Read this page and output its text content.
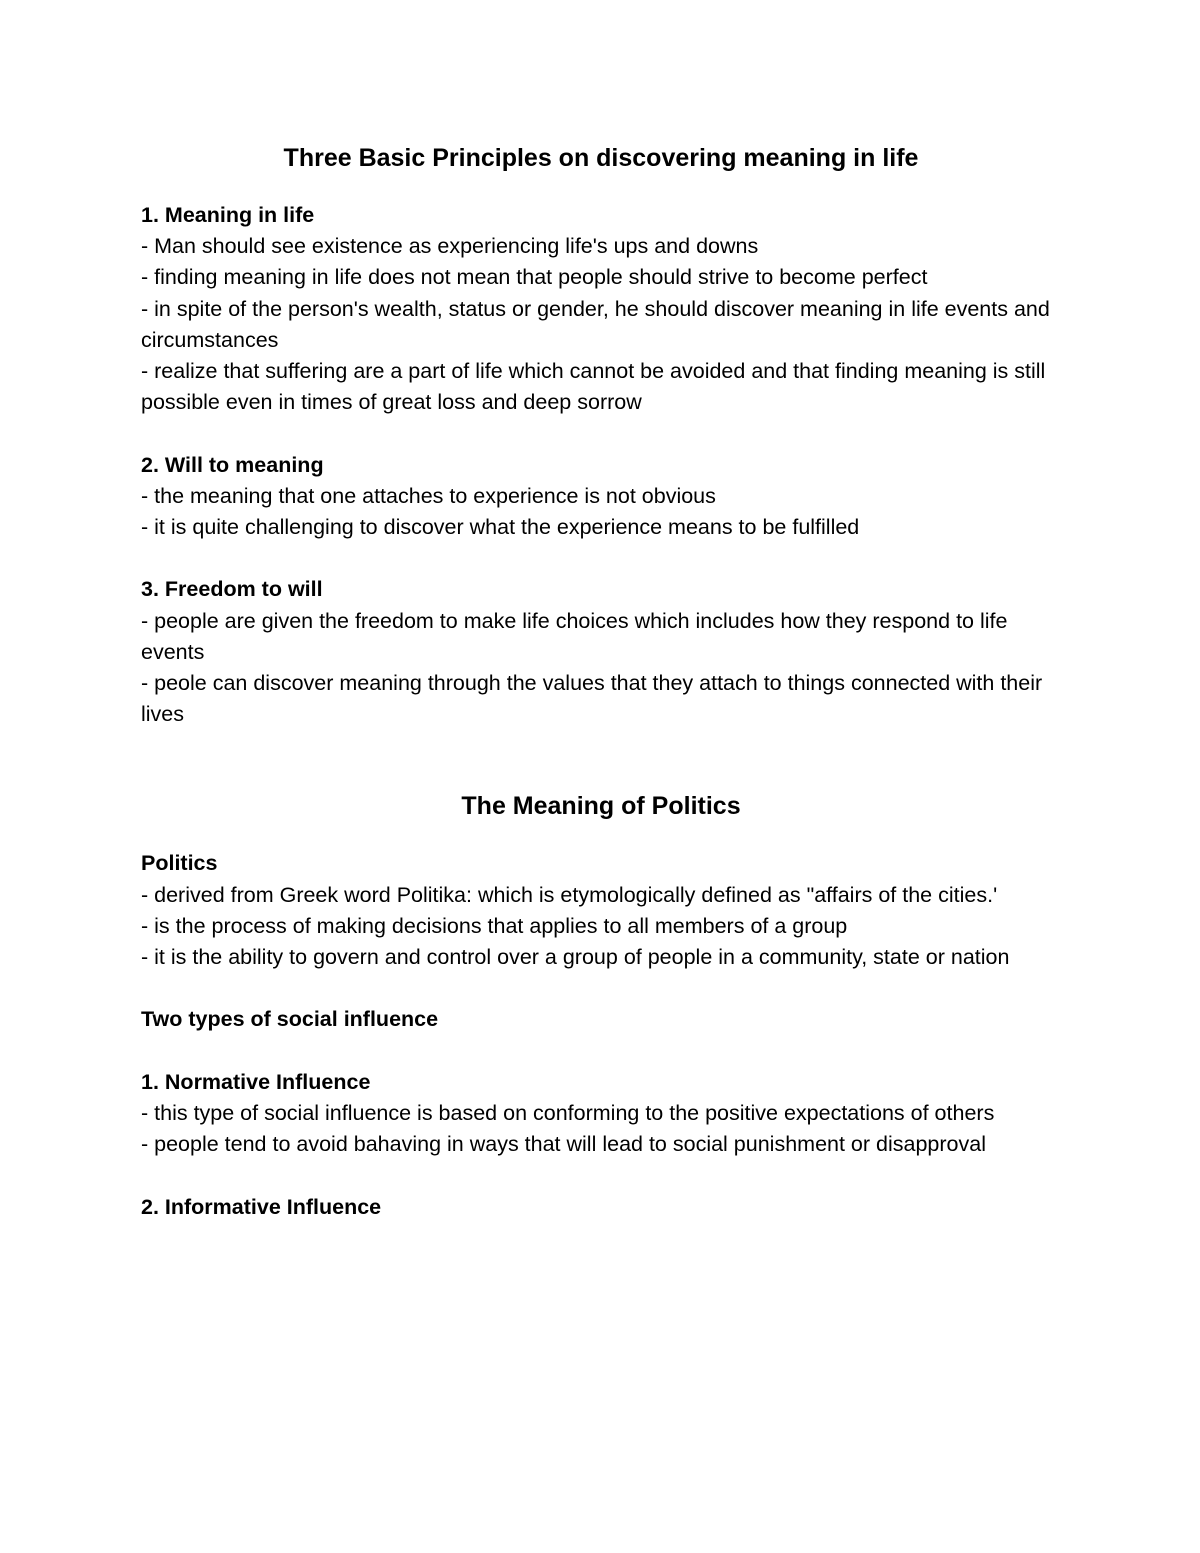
Three Basic Principles on discovering meaning in life

1. Meaning in life

- Man should see existence as experiencing life's ups and downs

- finding meaning in life does not mean that people should strive to become perfect

- in spite of the person's wealth, status or gender, he should discover meaning in life events and circumstances

- realize that suffering are a part of life which cannot be avoided and that finding meaning is still possible even in times of great loss and deep sorrow

2. Will to meaning

- the meaning that one attaches to experience is not obvious

- it is quite challenging to discover what the experience means to be fulfilled

3. Freedom to will

- people are given the freedom to make life choices which includes how they respond to life events

- peole can discover meaning through the values that they attach to things connected with their lives

The Meaning of Politics

Politics

- derived from Greek word Politika: which is etymologically defined as "affairs of the cities.'

- is the process of making decisions that applies to all members of a group

- it is the ability to govern and control over a group of people in a community, state or nation

Two types of social influence

1. Normative Influence

- this type of social influence is based on conforming to the positive expectations of others

- people tend to avoid bahaving in ways that will lead to social punishment or disapproval

2. Informative Influence
